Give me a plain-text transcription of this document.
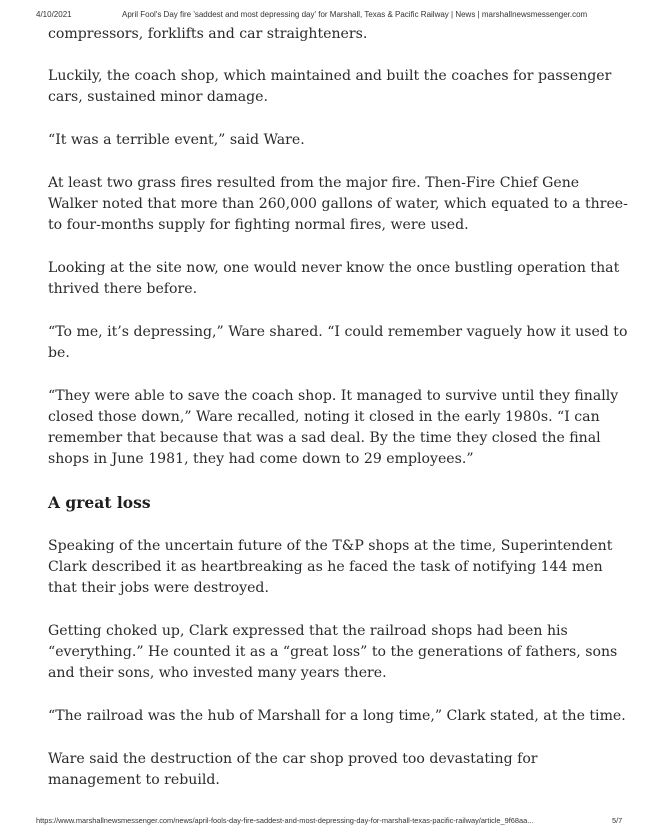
4/10/2021	April Fool's Day fire 'saddest and most depressing day' for Marshall, Texas & Pacific Railway | News | marshallnewsmessenger.com

compressors, forklifts and car straighteners.

Luckily, the coach shop, which maintained and built the coaches for passenger cars, sustained minor damage.

“It was a terrible event,” said Ware.

At least two grass fires resulted from the major fire. Then-Fire Chief Gene Walker noted that more than 260,000 gallons of water, which equated to a three- to four-months supply for fighting normal fires, were used.

Looking at the site now, one would never know the once bustling operation that thrived there before.

“To me, it’s depressing,” Ware shared. “I could remember vaguely how it used to be.

“They were able to save the coach shop. It managed to survive until they finally closed those down,” Ware recalled, noting it closed in the early 1980s. “I can remember that because that was a sad deal. By the time they closed the final shops in June 1981, they had come down to 29 employees.”

A great loss

Speaking of the uncertain future of the T&P shops at the time, Superintendent Clark described it as heartbreaking as he faced the task of notifying 144 men that their jobs were destroyed.

Getting choked up, Clark expressed that the railroad shops had been his “everything.” He counted it as a “great loss” to the generations of fathers, sons and their sons, who invested many years there.

“The railroad was the hub of Marshall for a long time,” Clark stated, at the time.

Ware said the destruction of the car shop proved too devastating for management to rebuild.

https://www.marshallnewsmessenger.com/news/april-fools-day-fire-saddest-and-most-depressing-day-for-marshall-texas-pacific-railway/article_9f68aa...	5/7
